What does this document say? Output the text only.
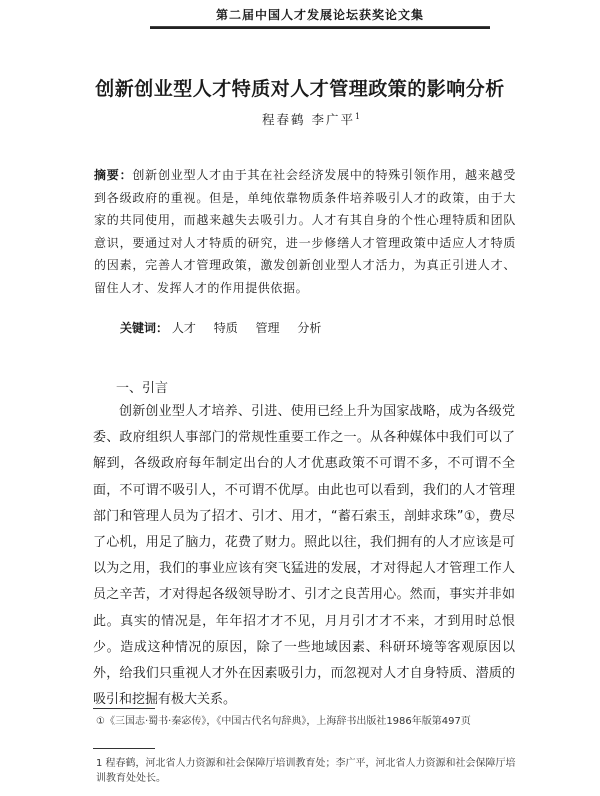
第二届中国人才发展论坛获奖论文集
创新创业型人才特质对人才管理政策的影响分析
程春鹤 李广平$^1$
摘要：创新创业型人才由于其在社会经济发展中的特殊引领作用，越来越受到各级政府的重视。但是，单纯依靠物质条件培养吸引人才的政策，由于大家的共同使用，而越来越失去吸引力。人才有其自身的个性心理特质和团队意识，要通过对人才特质的研究，进一步修缮人才管理政策中适应人才特质的因素，完善人才管理政策，激发创新创业型人才活力，为真正引进人才、留住人才、发挥人才的作用提供依据。
关键词： 人才 特质 管理 分析
一、引言
创新创业型人才培养、引进、使用已经上升为国家战略，成为各级党委、政府组织人事部门的常规性重要工作之一。从各种媒体中我们可以了解到，各级政府每年制定出台的人才优惠政策不可谓不多，不可谓不全面，不可谓不吸引人，不可谓不优厚。由此也可以看到，我们的人才管理部门和管理人员为了招才、引才、用才，“蓄石索玉，剖蚌求珠”①，费尽了心机，用足了脑力，花费了财力。照此以往，我们拥有的人才应该是可以为之用，我们的事业应该有突飞猛进的发展，才对得起人才管理工作人员之辛苦，才对得起各级领导盼才、引才之良苦用心。然而，事实并非如此。真实的情况是，年年招才才不见，月月引才才不来，才到用时总恨少。造成这种情况的原因，除了一些地域因素、科研环境等客观原因以外，给我们只重视人才外在因素吸引力，而忽视对人才自身特质、潜质的吸引和挖掘有极大关系。
①《三国志·蜀书·秦宓传》，《中国古代名句辞典》，上海辞书出版社1986年版第497页
1 程春鹤，河北省人力资源和社会保障厅培训教育处；李广平，河北省人力资源和社会保障厅培训教育处处长。
